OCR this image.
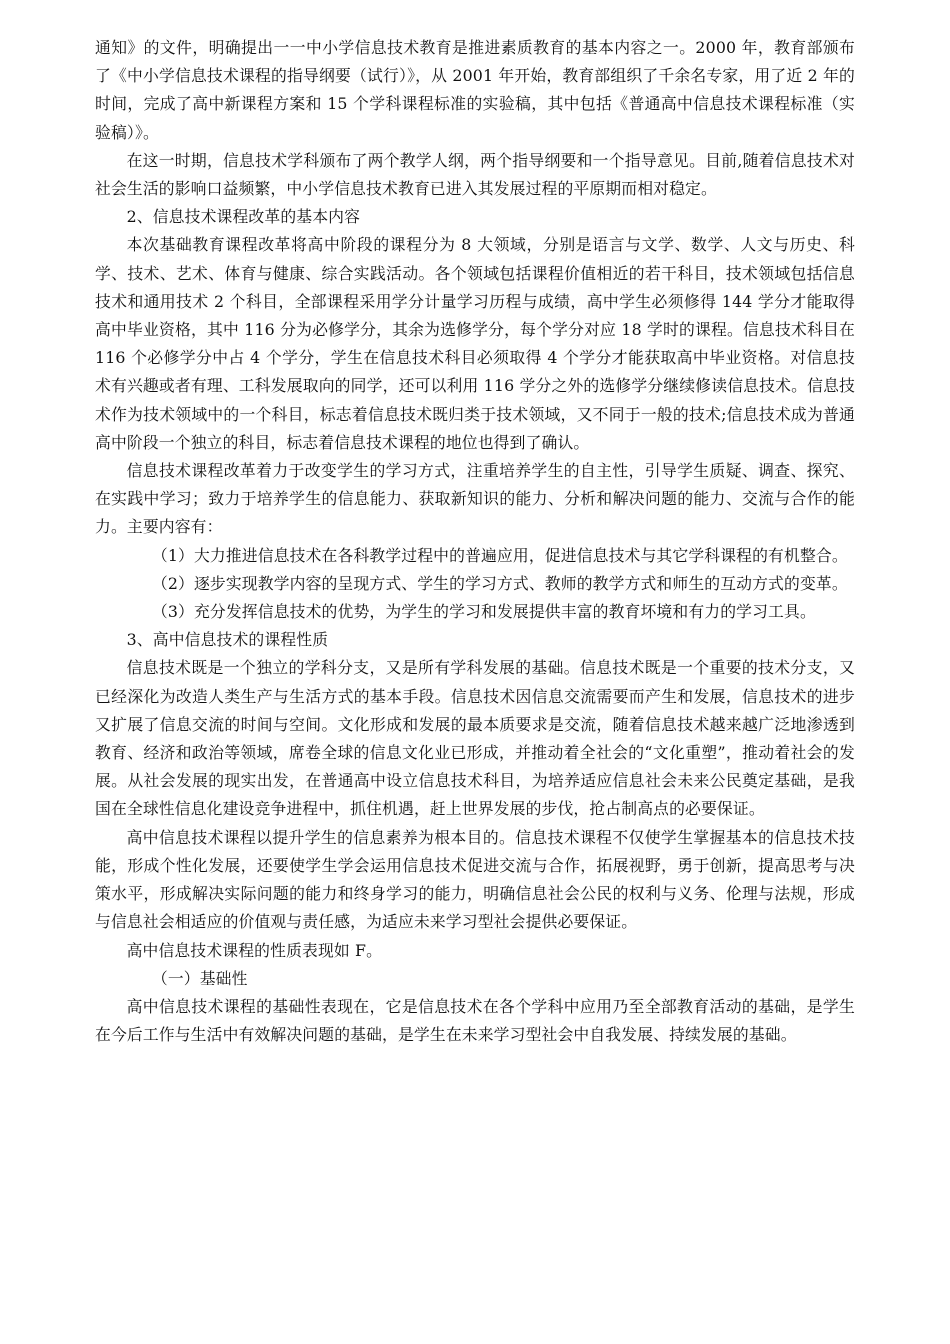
通知》的文件，明确提出一一中小学信息技术教育是推进素质教育的基本内容之一。2000 年，教育部颁布了《中小学信息技术课程的指导纲要（试行）》，从 2001 年开始，教育部组织了千余名专家，用了近 2 年的时间，完成了高中新课程方案和 15 个学科课程标准的实验稿，其中包括《普通高中信息技术课程标准（实验稿）》。

在这一时期，信息技术学科颁布了两个教学人纲，两个指导纲要和一个指导意见。目前,随着信息技术对社会生活的影响口益频繁，中小学信息技术教育已进入其发展过程的平原期而相对稳定。

2、信息技术课程改革的基本内容

本次基础教育课程改革将高中阶段的课程分为 8 大领域，分别是语言与文学、数学、人文与历史、科学、技术、艺术、体育与健康、综合实践活动。各个领域包括课程价值相近的若干科目，技术领域包括信息技术和通用技术 2 个科目，全部课程采用学分计量学习历程与成绩，高中学生必须修得 144 学分才能取得高中毕业资格，其中 116 分为必修学分，其余为选修学分，每个学分对应 18 学时的课程。信息技术科目在 116 个必修学分中占 4 个学分，学生在信息技术科目必须取得 4 个学分才能获取高中毕业资格。对信息技术有兴趣或者有理、工科发展取向的同学，还可以利用 116 学分之外的选修学分继续修读信息技术。信息技术作为技术领域中的一个科目，标志着信息技术既归类于技术领域，又不同于一般的技术;信息技术成为普通高中阶段一个独立的科目，标志着信息技术课程的地位也得到了确认。

信息技术课程改革着力于改变学生的学习方式，注重培养学生的自主性，引导学生质疑、调查、探究、在实践中学习；致力于培养学生的信息能力、获取新知识的能力、分析和解决问题的能力、交流与合作的能力。主要内容有：

（1）大力推进信息技术在各科教学过程中的普遍应用，促进信息技术与其它学科课程的有机整合。

（2）逐步实现教学内容的呈现方式、学生的学习方式、教师的教学方式和师生的互动方式的变革。

（3）充分发挥信息技术的优势，为学生的学习和发展提供丰富的教育坏境和有力的学习工具。

3、高中信息技术的课程性质

信息技术既是一个独立的学科分支，又是所有学科发展的基础。信息技术既是一个重要的技术分支，又已经深化为改造人类生产与生活方式的基本手段。信息技术因信息交流需要而产生和发展，信息技术的进步又扩展了信息交流的时间与空间。文化形成和发展的最本质要求是交流，随着信息技术越来越广泛地渗透到教育、经济和政治等领域，席卷全球的信息文化业已形成，并推动着全社会的“文化重塑”，推动着社会的发展。从社会发展的现实出发，在普通高中设立信息技术科目，为培养适应信息社会未来公民奠定基础，是我国在全球性信息化建设竞争进程中，抓住机遇，赶上世界发展的步伐，抢占制高点的必要保证。

高中信息技术课程以提升学生的信息素养为根本目的。信息技术课程不仅使学生掌握基本的信息技术技能，形成个性化发展，还要使学生学会运用信息技术促进交流与合作，拓展视野，勇于创新，提高思考与决策水平，形成解决实际问题的能力和终身学习的能力，明确信息社会公民的权利与义务、伦理与法规，形成与信息社会相适应的价值观与责任感，为适应未来学习型社会提供必要保证。

高中信息技术课程的性质表现如 F。

（一）基础性

高中信息技术课程的基础性表现在，它是信息技术在各个学科中应用乃至全部教育活动的基础，是学生在今后工作与生活中有效解决问题的基础，是学生在未来学习型社会中自我发展、持续发展的基础。
